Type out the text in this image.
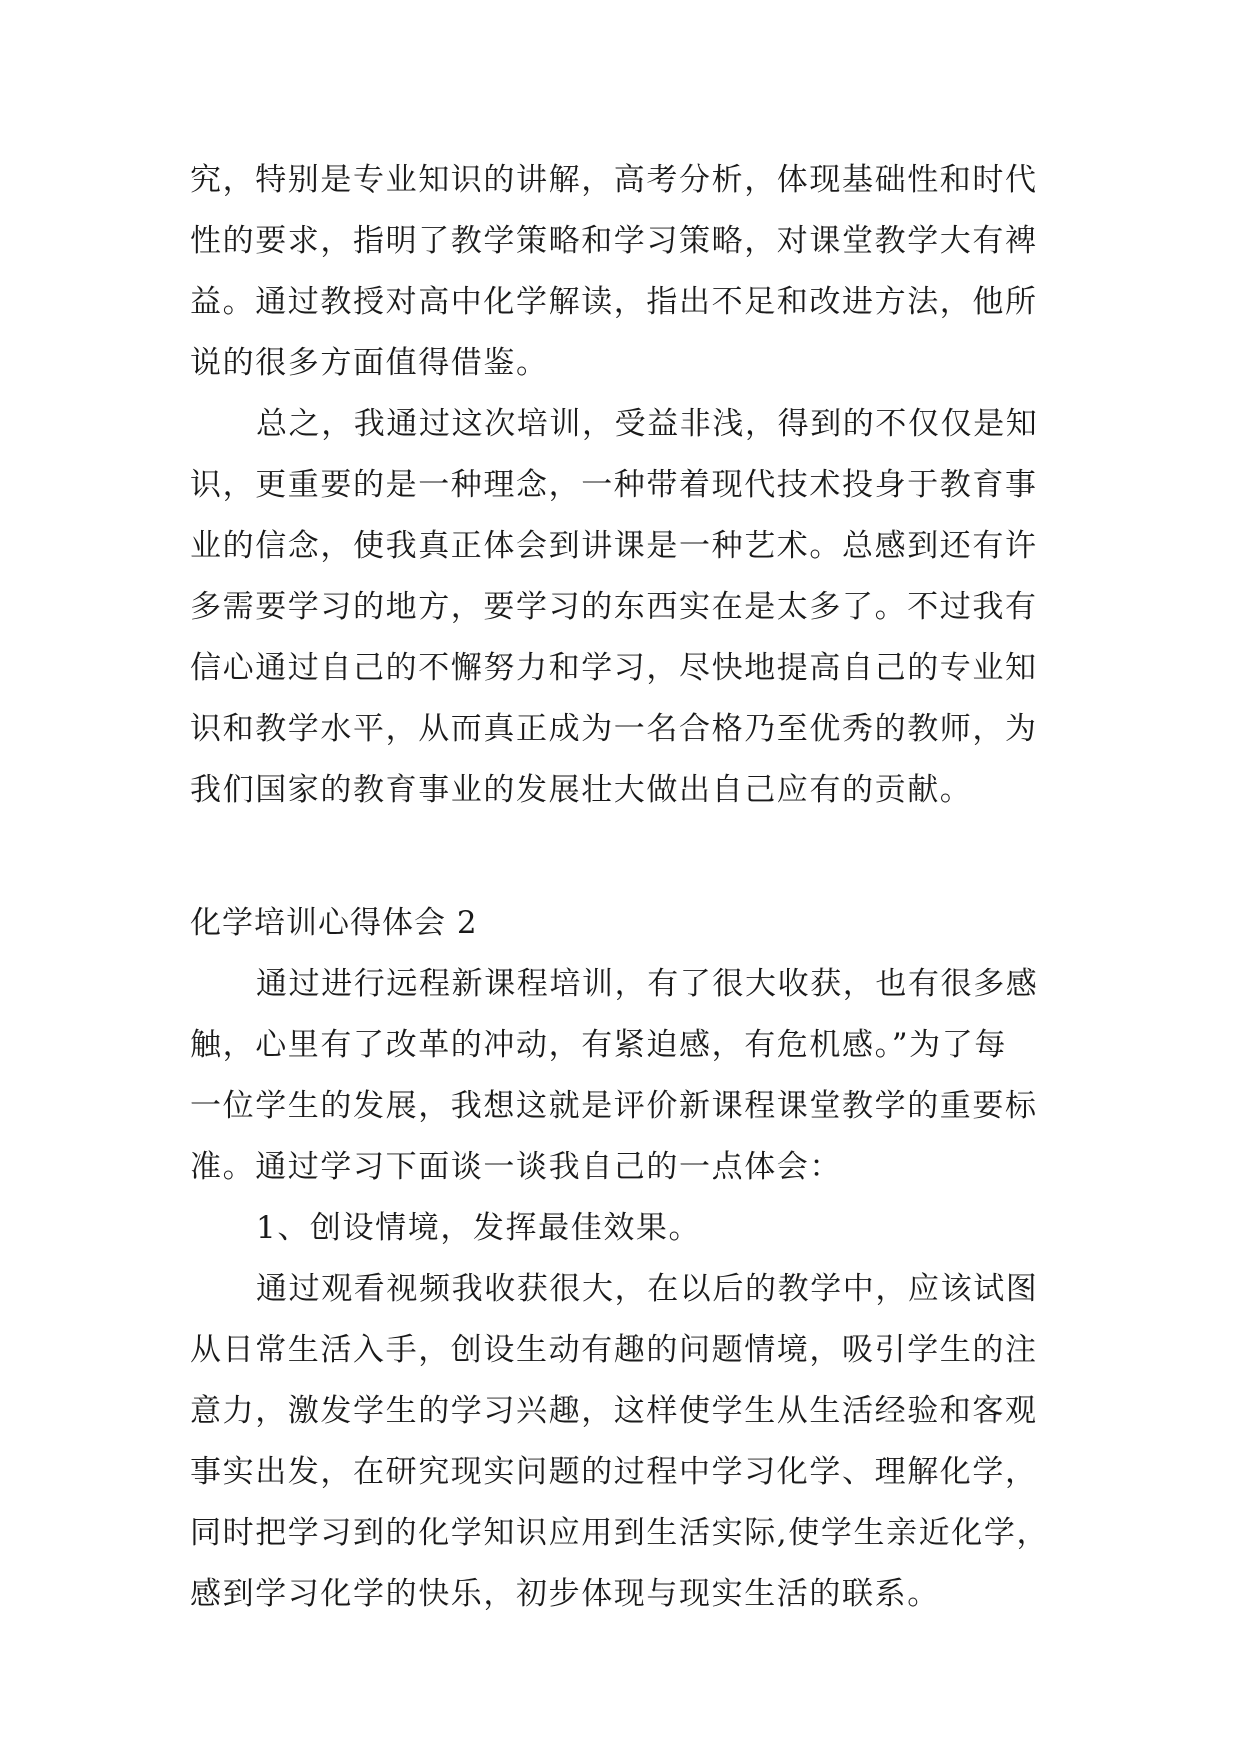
究，特别是专业知识的讲解，高考分析，体现基础性和时代
性的要求，指明了教学策略和学习策略，对课堂教学大有裨
益。通过教授对高中化学解读，指出不足和改进方法，他所
说的很多方面值得借鉴。
总之，我通过这次培训，受益非浅，得到的不仅仅是知
识，更重要的是一种理念，一种带着现代技术投身于教育事
业的信念，使我真正体会到讲课是一种艺术。总感到还有许
多需要学习的地方，要学习的东西实在是太多了。不过我有
信心通过自己的不懈努力和学习，尽快地提高自己的专业知
识和教学水平，从而真正成为一名合格乃至优秀的教师，为
我们国家的教育事业的发展壮大做出自己应有的贡献。
化学培训心得体会 2
通过进行远程新课程培训，有了很大收获，也有很多感
触，心里有了改革的冲动，有紧迫感，有危机感。”为了每
一位学生的发展，我想这就是评价新课程课堂教学的重要标
准。通过学习下面谈一谈我自己的一点体会：
1、创设情境，发挥最佳效果。
通过观看视频我收获很大，在以后的教学中，应该试图
从日常生活入手，创设生动有趣的问题情境，吸引学生的注
意力，激发学生的学习兴趣，这样使学生从生活经验和客观
事实出发，在研究现实问题的过程中学习化学、理解化学，
同时把学习到的化学知识应用到生活实际,使学生亲近化学，
感到学习化学的快乐，初步体现与现实生活的联系。
